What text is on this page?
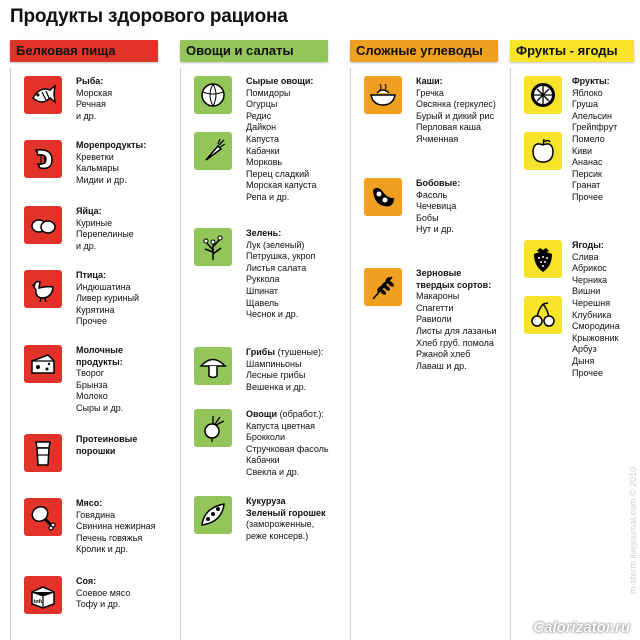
Продукты здорового рациона
Белковая пища
Рыба:
Морская
Речная
и др.
Морепродукты:
Креветки
Кальмары
Мидии и др.
Яйца:
Куриные
Перепелиные
и др.
Птица:
Индюшатина
Ливер куриный
Курятина
Прочее
Молочные
продукты:
Творог
Брынза
Молоко
Сыры и др.
Протеиновые
порошки
Мясо:
Говядина
Свинина нежирная
Печень говяжья
Кролик и др.
tofu
Соя:
Соевое мясо
Тофу и др.
Овощи и салаты
Сырые овощи:
Помидоры
Огурцы
Редис
Дайкон
Капуста
Кабачки
Морковь
Перец сладкий
Морская капуста
Репа и др.
Зелень:
Лук (зеленый)
Петрушка, укроп
Листья салата
Руккола
Шпинат
Щавель
Чеснок и др.
Грибы (тушеные):
Шампиньоны
Лесные грибы
Вешенка и др.
Овощи (обработ.):
Капуста цветная
Брокколи
Стручковая фасоль
Кабачки
Свекла и др.
Кукуруза
Зеленый горошек
(замороженные,
реже консерв.)
Сложные углеводы
Каши:
Гречка
Овсянка (геркулес)
Бурый и дикий рис
Перловая каша
Ячменная
Бобовые:
Фасоль
Чечевица
Бобы
Нут и др.
Зерновые
твердых сортов:
Макароны
Спагетти
Равиоли
Листы для лазаньи
Хлеб груб. помола
Ржаной хлеб
Лаваш и др.
Фрукты - ягоды
Фрукты:
Яблоко
Груша
Апельсин
Грейпфрут
Помело
Киви
Ананас
Персик
Гранат
Прочее
Ягоды:
Слива
Абрикос
Черника
Вишни
Черешня
Клубника
Смородина
Крыжовник
Арбуз
Дыня
Прочее
m-sterm.livejournal.com © 2010
Calorizator.ru
